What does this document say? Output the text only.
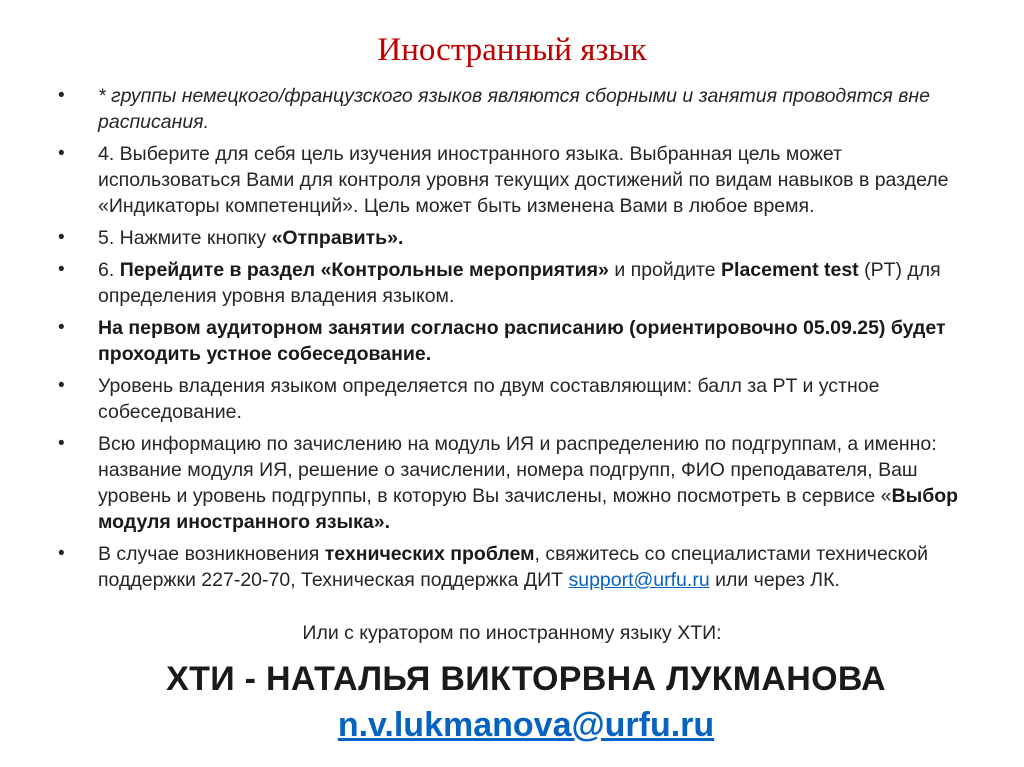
Иностранный язык
• * группы немецкого/французского языков являются сборными и занятия проводятся вне расписания.
• 4. Выберите для себя цель изучения иностранного языка. Выбранная цель может использоваться Вами для контроля уровня текущих достижений по видам навыков в разделе «Индикаторы компетенций». Цель может быть изменена Вами в любое время.
• 5. Нажмите кнопку «Отправить».
• 6. Перейдите в раздел «Контрольные мероприятия» и пройдите Placement test (PT) для определения уровня владения языком.
• На первом аудиторном занятии согласно расписанию (ориентировочно 05.09.25) будет проходить устное собеседование.
• Уровень владения языком определяется по двум составляющим: балл за PT и устное собеседование.
• Всю информацию по зачислению на модуль ИЯ и распределению по подгруппам, а именно: название модуля ИЯ, решение о зачислении, номера подгрупп, ФИО преподавателя, Ваш уровень и уровень подгруппы, в которую Вы зачислены, можно посмотреть в сервисе «Выбор модуля иностранного языка».
• В случае возникновения технических проблем, свяжитесь со специалистами технической поддержки 227-20-70, Техническая поддержка ДИТ support@urfu.ru или через ЛК.
Или с куратором по иностранному языку ХТИ:
ХТИ - НАТАЛЬЯ ВИКТОРВНА ЛУКМАНОВА
n.v.lukmanova@urfu.ru
